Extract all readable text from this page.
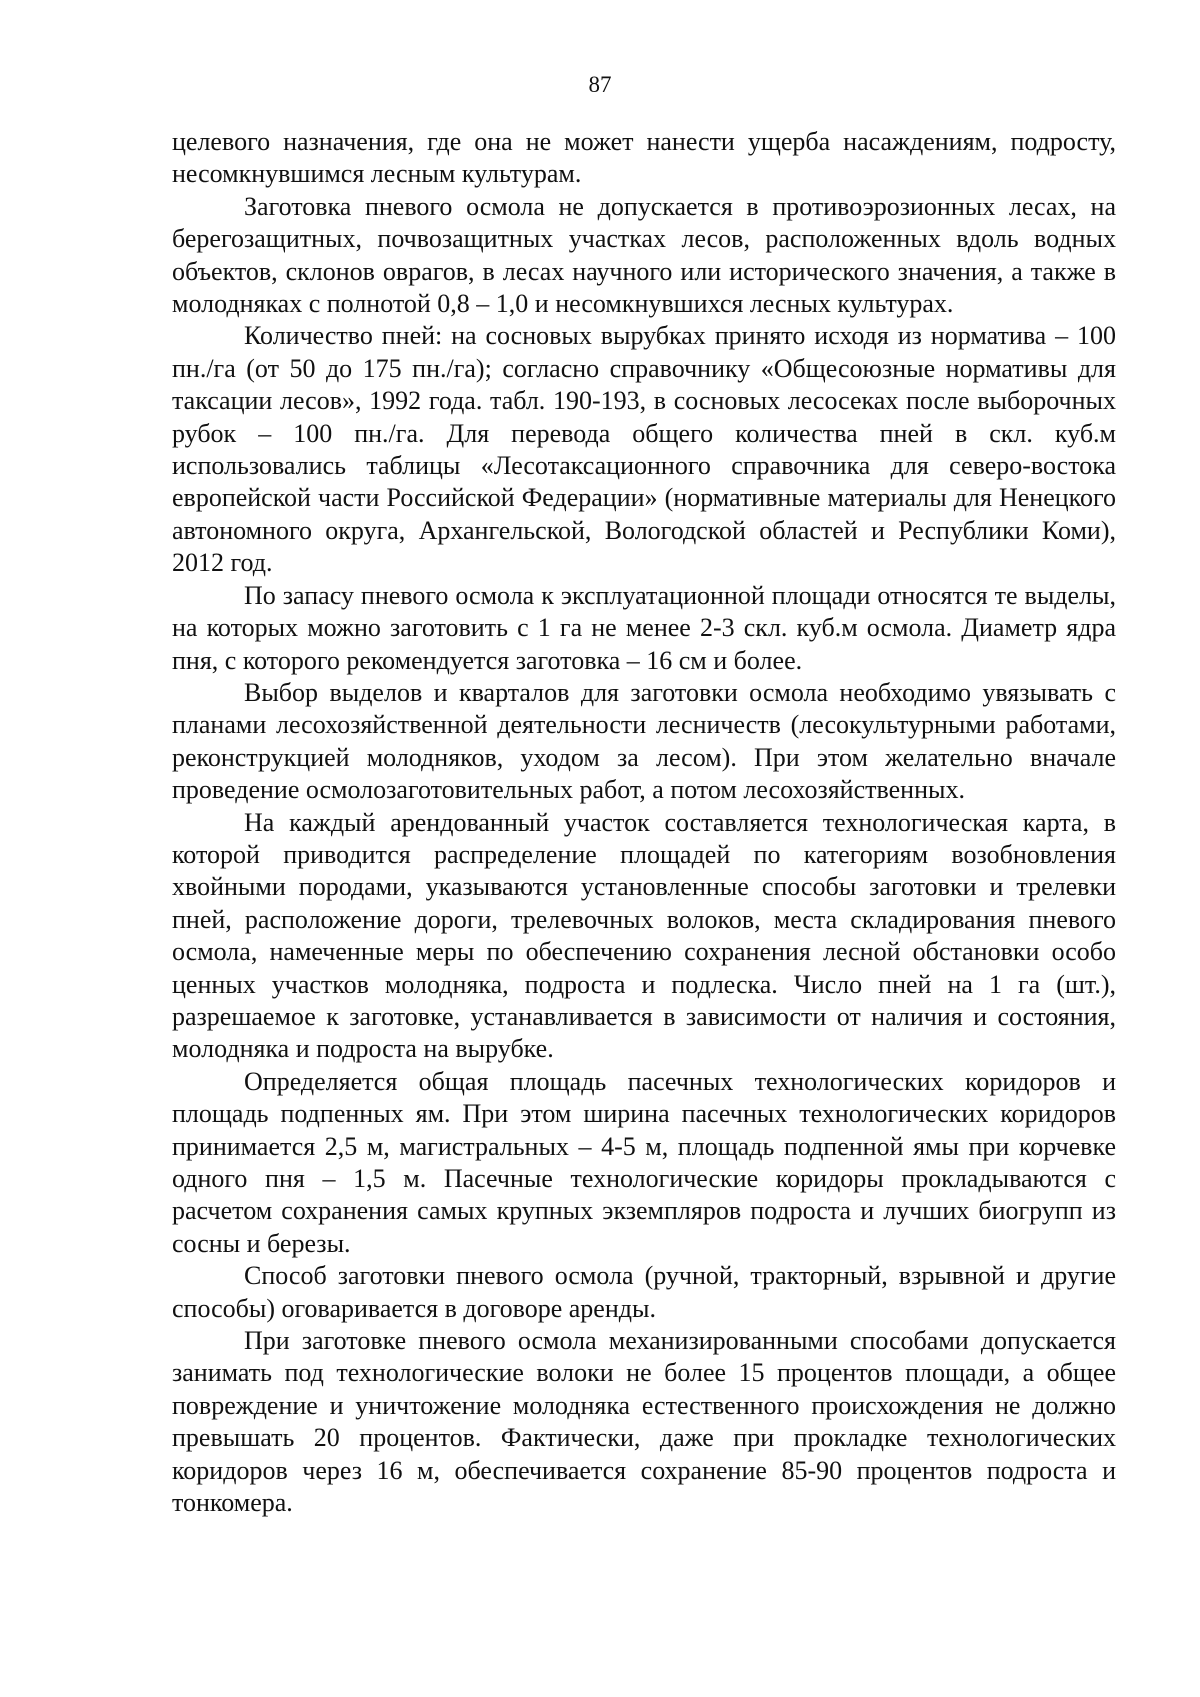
87

целевого назначения, где она не может нанести ущерба насаждениям, подросту, несомкнувшимся лесным культурам.

Заготовка пневого осмола не допускается в противоэрозионных лесах, на берегозащитных, почвозащитных участках лесов, расположенных вдоль водных объектов, склонов оврагов, в лесах научного или исторического значения, а также в молодняках с полнотой 0,8 – 1,0 и несомкнувшихся лесных культурах.

Количество пней: на сосновых вырубках принято исходя из норматива – 100 пн./га (от 50 до 175 пн./га); согласно справочнику «Общесоюзные нормативы для таксации лесов», 1992 года. табл. 190-193, в сосновых лесосеках после выборочных рубок – 100 пн./га. Для перевода общего количества пней в скл. куб.м использовались таблицы «Лесотаксационного справочника для северо-востока европейской части Российской Федерации» (нормативные материалы для Ненецкого автономного округа, Архангельской, Вологодской областей и Республики Коми), 2012 год.

По запасу пневого осмола к эксплуатационной площади относятся те выделы, на которых можно заготовить с 1 га не менее 2-3 скл. куб.м осмола. Диаметр ядра пня, с которого рекомендуется заготовка – 16 см и более.

Выбор выделов и кварталов для заготовки осмола необходимо увязывать с планами лесохозяйственной деятельности лесничеств (лесокультурными работами, реконструкцией молодняков, уходом за лесом). При этом желательно вначале проведение осмолозаготовительных работ, а потом лесохозяйственных.

На каждый арендованный участок составляется технологическая карта, в которой приводится распределение площадей по категориям возобновления хвойными породами, указываются установленные способы заготовки и трелевки пней, расположение дороги, трелевочных волоков, места складирования пневого осмола, намеченные меры по обеспечению сохранения лесной обстановки особо ценных участков молодняка, подроста и подлеска. Число пней на 1 га (шт.), разрешаемое к заготовке, устанавливается в зависимости от наличия и состояния, молодняка и подроста на вырубке.

Определяется общая площадь пасечных технологических коридоров и площадь подпенных ям. При этом ширина пасечных технологических коридоров принимается 2,5 м, магистральных – 4-5 м, площадь подпенной ямы при корчевке одного пня – 1,5 м. Пасечные технологические коридоры прокладываются с расчетом сохранения самых крупных экземпляров подроста и лучших биогрупп из сосны и березы.

Способ заготовки пневого осмола (ручной, тракторный, взрывной и другие способы) оговаривается в договоре аренды.

При заготовке пневого осмола механизированными способами допускается занимать под технологические волоки не более 15 процентов площади, а общее повреждение и уничтожение молодняка естественного происхождения не должно превышать 20 процентов. Фактически, даже при прокладке технологических коридоров через 16 м, обеспечивается сохранение 85-90 процентов подроста и тонкомера.
